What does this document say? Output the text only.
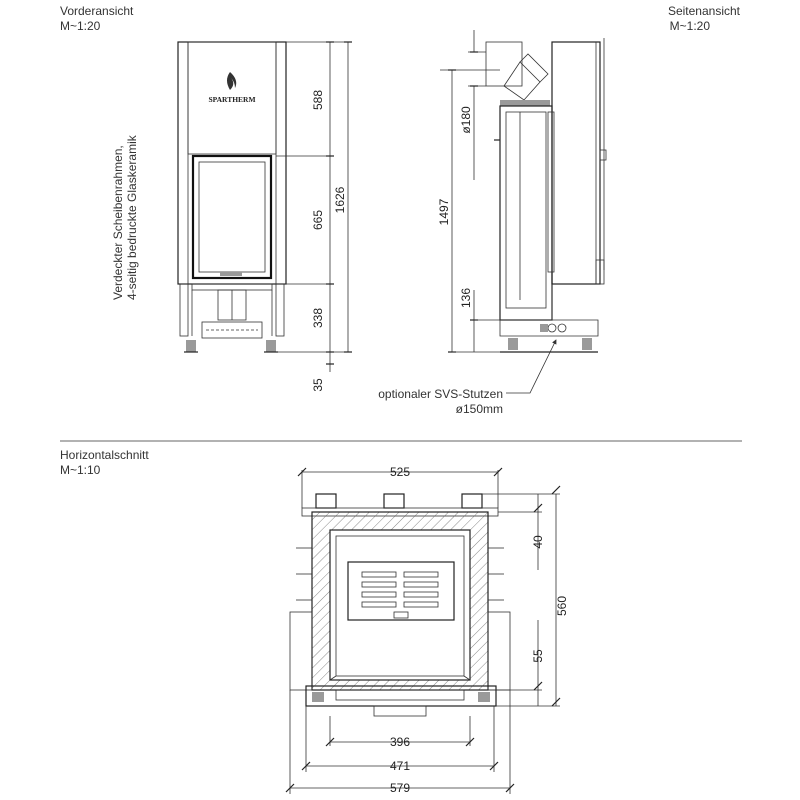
Vorderansicht
M~1:20
Seitenansicht
M~1:20
Horizontalschnitt
M~1:10
SPARTHERM
Verdeckter Scheibenrahmen, 4-seitig bedruckte Glaskeramik
588
665
338
1626
35
ø180
1497
136
optionaler SVS-Stutzen
ø150mm
525
40
560
55
396
471
579
